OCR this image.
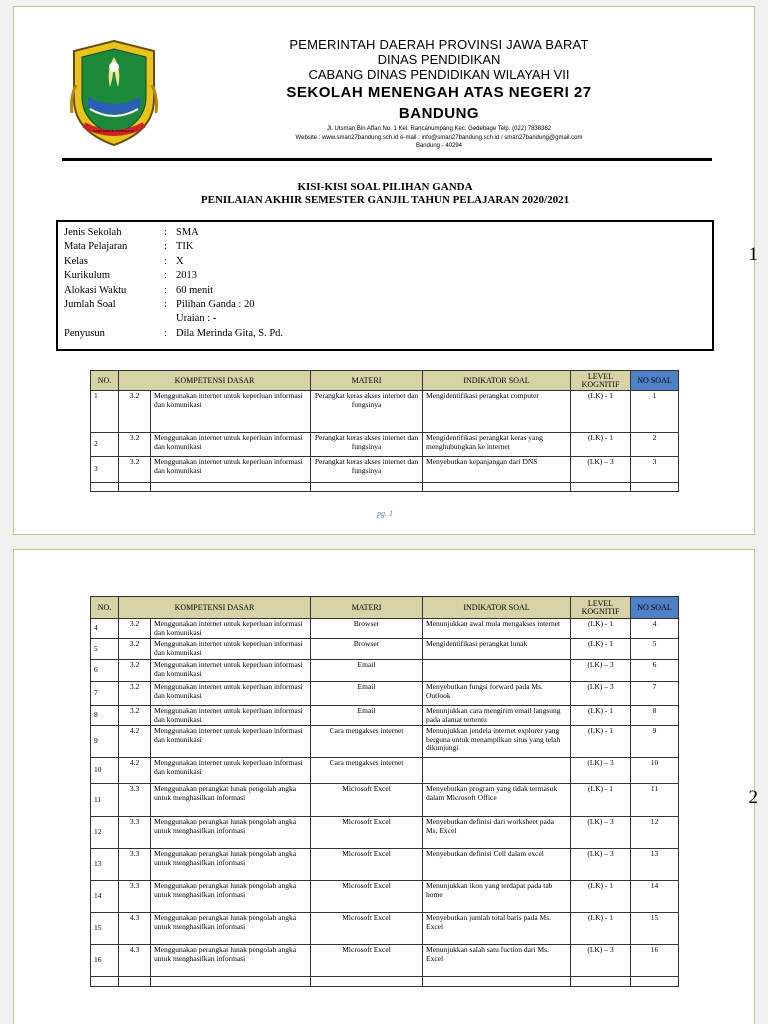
GEMAH RIPAH REPEH RAPIH
PEMERINTAH DAERAH PROVINSI JAWA BARAT
DINAS PENDIDIKAN
CABANG DINAS PENDIDIKAN WILAYAH VII
SEKOLAH MENENGAH ATAS NEGERI 27
BANDUNG
Jl. Utsman Bin Affan No. 1 Kel. Rancanumpang Kec. Gedebage Telp. (022) 7838362
Website : www.sman27bandung.sch.id e-mail : info@sman27bandung.sch.id / sman27bandung@gmail.com
Bandung - 40294
KISI-KISI SOAL PILIHAN GANDA
PENILAIAN AKHIR SEMESTER GANJIL TAHUN PELAJARAN 2020/2021
Jenis Sekolah	: SMA
Mata Pelajaran	: TIK
Kelas	: X
Kurikulum	: 2013
Alokasi Waktu	: 60 menit
Jumlah Soal	: Pilihan Ganda : 20
Uraian : -
Penyusun	: Dila Merinda Gita, S. Pd.
NO.	KOMPETENSI DASAR		MATERI	INDIKATOR SOAL	LEVEL KOGNITIF	NO SOAL
1	3.2	Menggunakan internet untuk keperluan informasi dan komunikasi	Perangkat keras akses internet dan fungsinya	Mengidentifikasi perangkat computer	(LK) - 1	1
2	3.2	Menggunakan internet untuk keperluan informasi dan komunikasi	Perangkat keras akses internet dan fungsinya	Mengidentifikasi perangkat keras yang menghubungkan ke internet	(LK) - 1	2
3	3.2	Menggunakan internet untuk keperluan informasi dan komunikasi	Perangkat keras akses internet dan fungsinya	Menyebutkan kepanjangan dari DNS	(LK) – 3	3

pg. 1
1
NO.	KOMPETENSI DASAR		MATERI	INDIKATOR SOAL	LEVEL KOGNITIF	NO SOAL
4	3.2	Menggunakan internet untuk keperluan informasi dan komunikasi	Browser	Menunjukkan awal mula mengakses internet	(LK) - 1	4
5	3.2	Menggunakan internet untuk keperluan informasi dan komunikasi	Browser	Mengidentifikasi perangkat lunak	(LK) - 1	5
6	3.2	Menggunakan internet untuk keperluan informasi dan komunikasi	Email		(LK) – 3	6
7	3.2	Menggunakan internet untuk keperluan informasi dan komunikasi	Email	Menyebutkan fungsi forward pada Ms. Outlook	(LK) – 3	7
8	3.2	Menggunakan internet untuk keperluan informasi dan komunikasi	Email	Menunjukkan cara mengirim email langsung pada alamat tertentu	(LK) - 1	8
9	4.2	Menggunakan internet untuk keperluan informasi dan komunikasi	Cara mengakses internet	Menunjukkan jendela internet explorer yang berguna untuk menampilkan situs yang telah dikunjungi	(LK) - 1	9
10	4.2	Menggunakan internet untuk keperluan informasi dan komunikasi	Cara mengakses internet		(LK) – 3	10
11	3.3	Menggunakan perangkat lunak pengolah angka untuk menghasilkan informasi	Microsoft Excel	Menyebutkan program yang tidak termasuk dalam Microsoft Office	(LK) - 1	11
12	3.3	Menggunakan perangkat lunak pengolah angka untuk menghasilkan informasi	Microsoft Excel	Menyebutkan definisi dari worksheet pada Ms, Excel	(LK) – 3	12
13	3.3	Menggunakan perangkat lunak pengolah angka untuk menghasilkan informasi	Microsoft Excel	Menyebutkan definisi Cell dalam excel	(LK) – 3	13
14	3.3	Menggunakan perangkat lunak pengolah angka untuk menghasilkan informasi	Microsoft Excel	Menunjukkan ikon yang terdapat pada tab home	(LK) - 1	14
15	4.3	Menggunakan perangkat lunak pengolah angka untuk menghasilkan informasi	Microsoft Excel	Menyebutkan jumlah total baris pada Ms. Excel	(LK) - 1	15
16	4.3	Menggunakan perangkat lunak pengolah angka untuk menghasilkan informasi	Microsoft Excel	Menunjukkan salah satu fuction dari Ms. Excel	(LK) – 3	16

2
